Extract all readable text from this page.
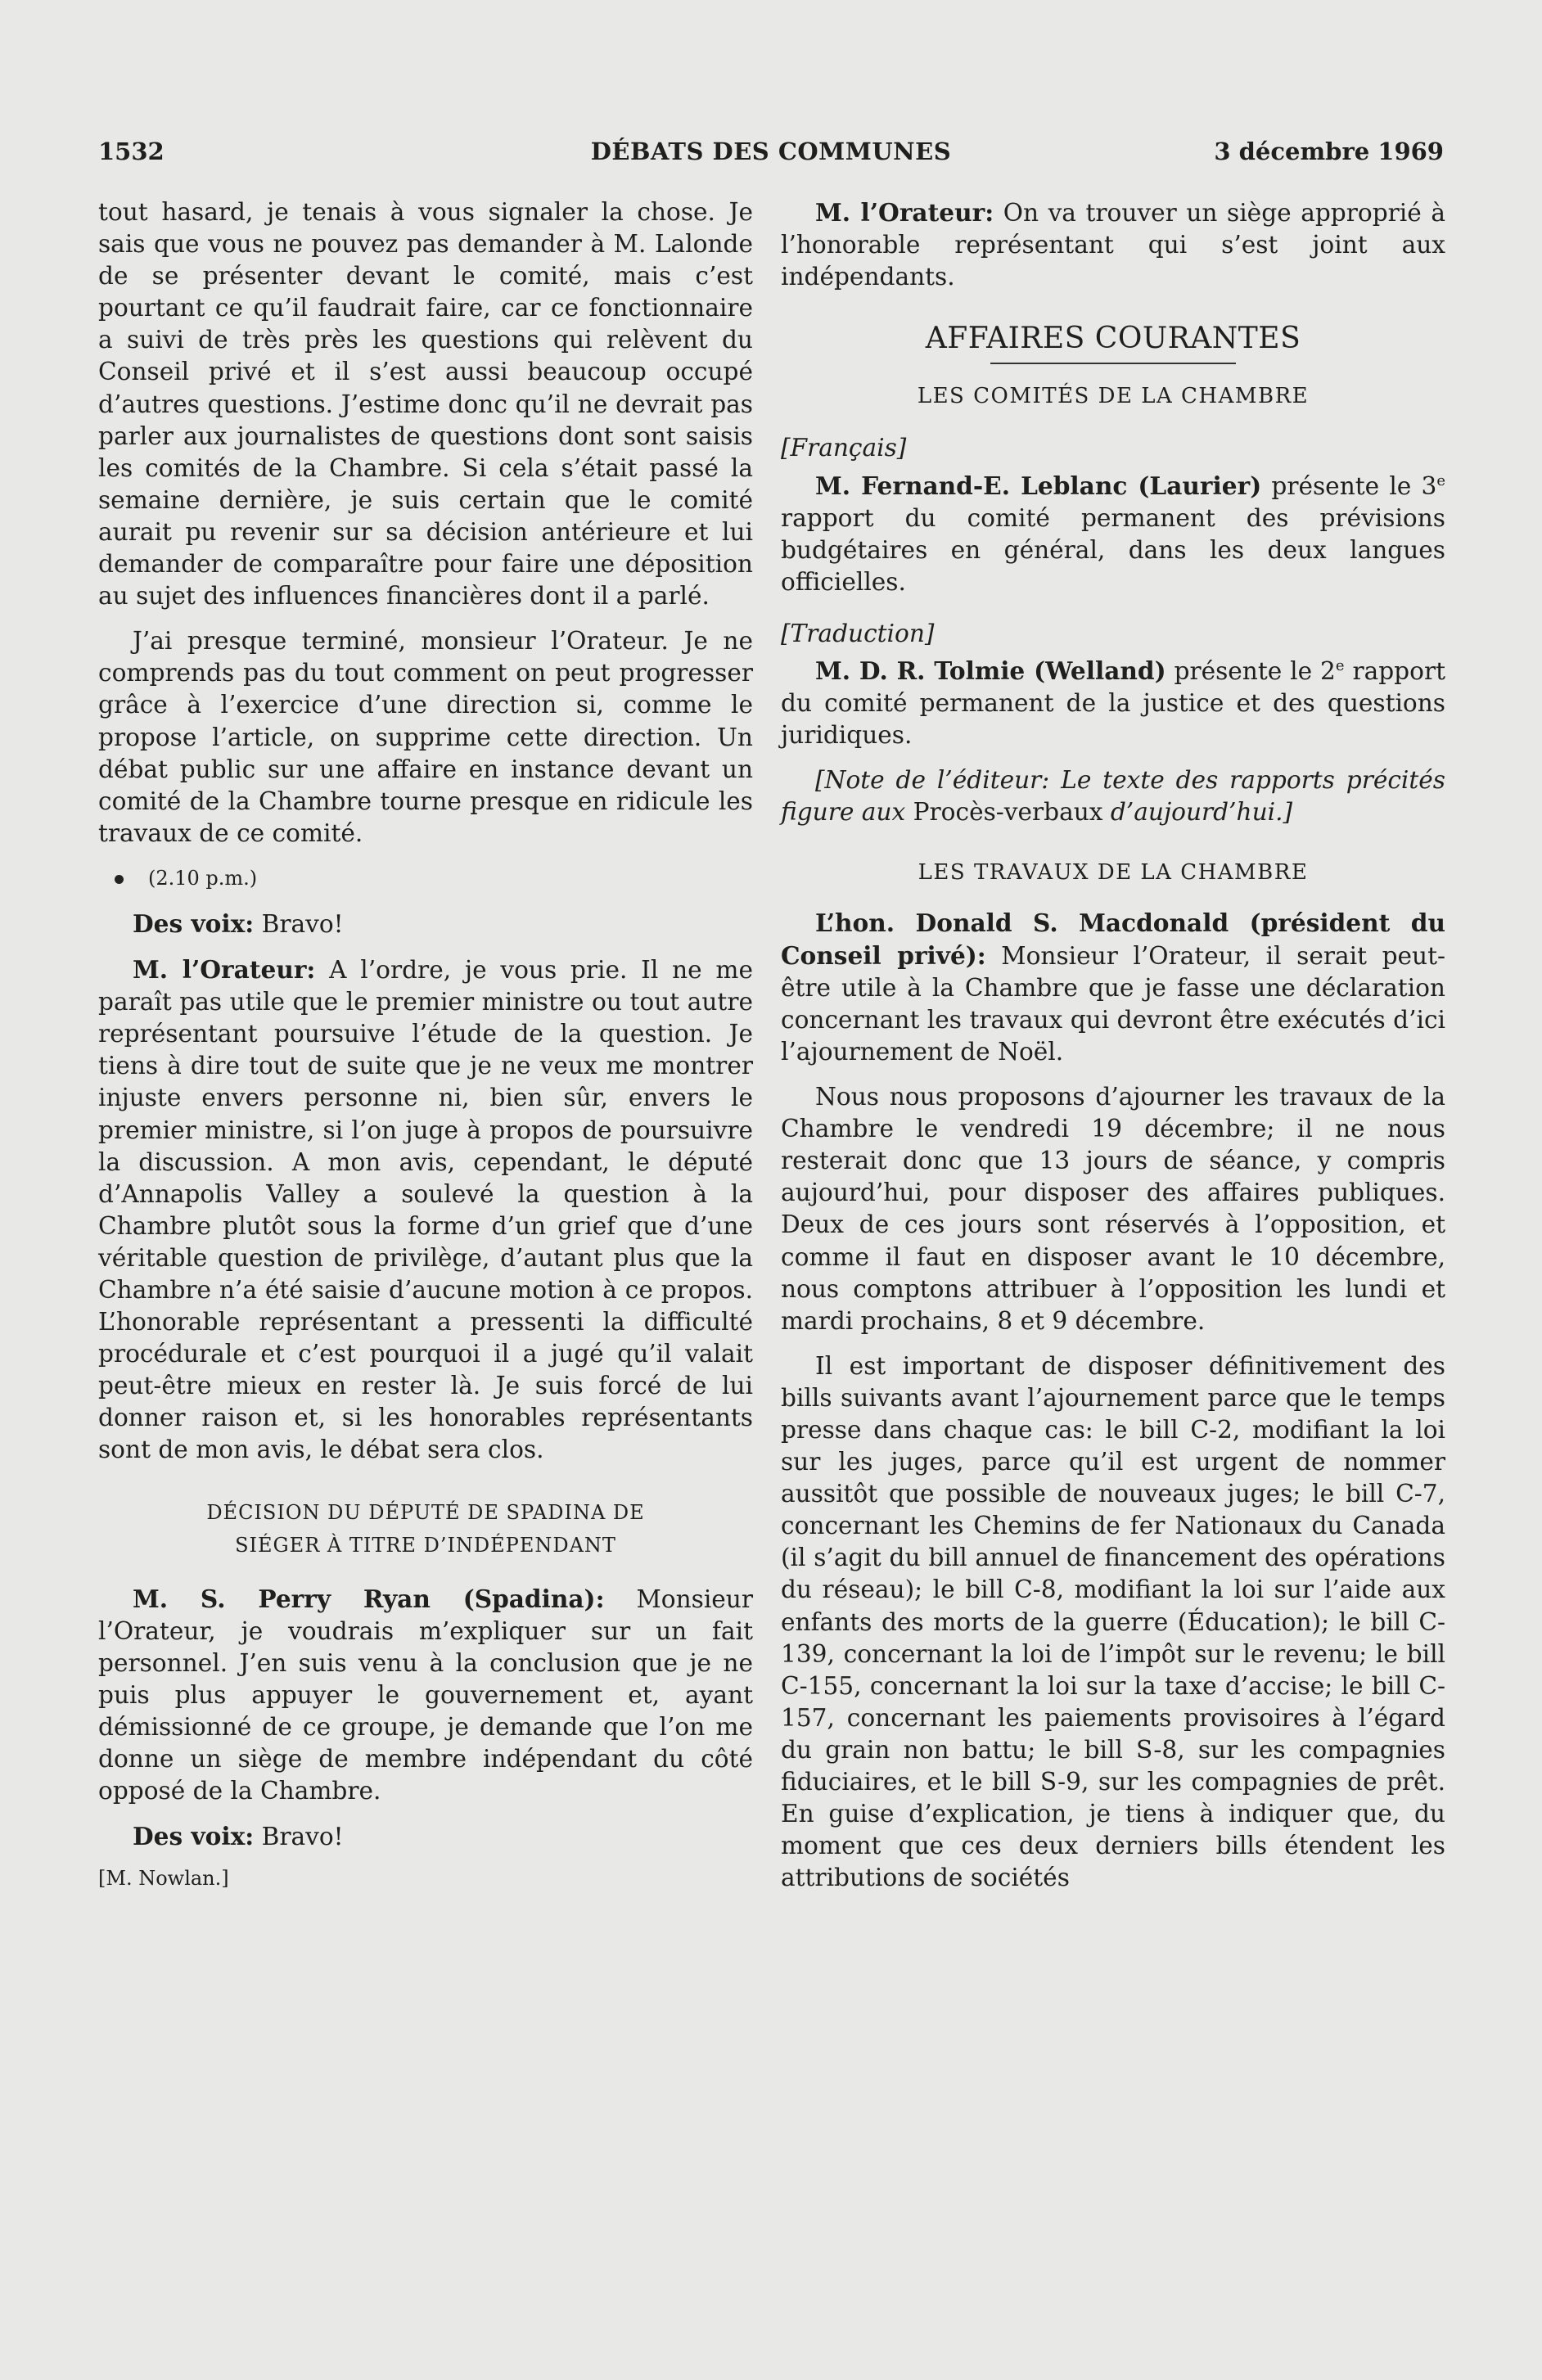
1532	DÉBATS DES COMMUNES	3 décembre 1969

tout hasard, je tenais à vous signaler la chose. Je sais que vous ne pouvez pas demander à M. Lalonde de se présenter devant le comité, mais c’est pourtant ce qu’il faudrait faire, car ce fonctionnaire a suivi de très près les questions qui relèvent du Conseil privé et il s’est aussi beaucoup occupé d’autres questions. J’estime donc qu’il ne devrait pas parler aux journalistes de questions dont sont saisis les comités de la Chambre. Si cela s’était passé la semaine dernière, je suis certain que le comité aurait pu revenir sur sa décision antérieure et lui demander de comparaître pour faire une déposition au sujet des influences financières dont il a parlé.

J’ai presque terminé, monsieur l’Orateur. Je ne comprends pas du tout comment on peut progresser grâce à l’exercice d’une direction si, comme le propose l’article, on supprime cette direction. Un débat public sur une affaire en instance devant un comité de la Chambre tourne presque en ridicule les travaux de ce comité.

(2.10 p.m.)

Des voix: Bravo!

M. l’Orateur: A l’ordre, je vous prie. Il ne me paraît pas utile que le premier ministre ou tout autre représentant poursuive l’étude de la question. Je tiens à dire tout de suite que je ne veux me montrer injuste envers personne ni, bien sûr, envers le premier ministre, si l’on juge à propos de poursuivre la discussion. A mon avis, cependant, le député d’Annapolis Valley a soulevé la question à la Chambre plutôt sous la forme d’un grief que d’une véritable question de privilège, d’autant plus que la Chambre n’a été saisie d’aucune motion à ce propos. L’honorable représentant a pressenti la difficulté procédurale et c’est pourquoi il a jugé qu’il valait peut-être mieux en rester là. Je suis forcé de lui donner raison et, si les honorables représentants sont de mon avis, le débat sera clos.

DÉCISION DU DÉPUTÉ DE SPADINA DE
SIÉGER À TITRE D’INDÉPENDANT

M. S. Perry Ryan (Spadina): Monsieur l’Orateur, je voudrais m’expliquer sur un fait personnel. J’en suis venu à la conclusion que je ne puis plus appuyer le gouvernement et, ayant démissionné de ce groupe, je demande que l’on me donne un siège de membre indépendant du côté opposé de la Chambre.

Des voix: Bravo!

[M. Nowlan.]

M. l’Orateur: On va trouver un siège approprié à l’honorable représentant qui s’est joint aux indépendants.

AFFAIRES COURANTES
LES COMITÉS DE LA CHAMBRE

[Français]

M. Fernand-E. Leblanc (Laurier) présente le 3e rapport du comité permanent des prévisions budgétaires en général, dans les deux langues officielles.

[Traduction]

M. D. R. Tolmie (Welland) présente le 2e rapport du comité permanent de la justice et des questions juridiques.

[Note de l’éditeur: Le texte des rapports précités figure aux Procès-verbaux d’aujourd’hui.]

LES TRAVAUX DE LA CHAMBRE

L’hon. Donald S. Macdonald (président du Conseil privé): Monsieur l’Orateur, il serait peut-être utile à la Chambre que je fasse une déclaration concernant les travaux qui devront être exécutés d’ici l’ajournement de Noël.

Nous nous proposons d’ajourner les travaux de la Chambre le vendredi 19 décembre; il ne nous resterait donc que 13 jours de séance, y compris aujourd’hui, pour disposer des affaires publiques. Deux de ces jours sont réservés à l’opposition, et comme il faut en disposer avant le 10 décembre, nous comptons attribuer à l’opposition les lundi et mardi prochains, 8 et 9 décembre.

Il est important de disposer définitivement des bills suivants avant l’ajournement parce que le temps presse dans chaque cas: le bill C-2, modifiant la loi sur les juges, parce qu’il est urgent de nommer aussitôt que possible de nouveaux juges; le bill C-7, concernant les Chemins de fer Nationaux du Canada (il s’agit du bill annuel de financement des opérations du réseau); le bill C-8, modifiant la loi sur l’aide aux enfants des morts de la guerre (Éducation); le bill C-139, concernant la loi de l’impôt sur le revenu; le bill C-155, concernant la loi sur la taxe d’accise; le bill C-157, concernant les paiements provisoires à l’égard du grain non battu; le bill S-8, sur les compagnies fiduciaires, et le bill S-9, sur les compagnies de prêt. En guise d’explication, je tiens à indiquer que, du moment que ces deux derniers bills étendent les attributions de sociétés
